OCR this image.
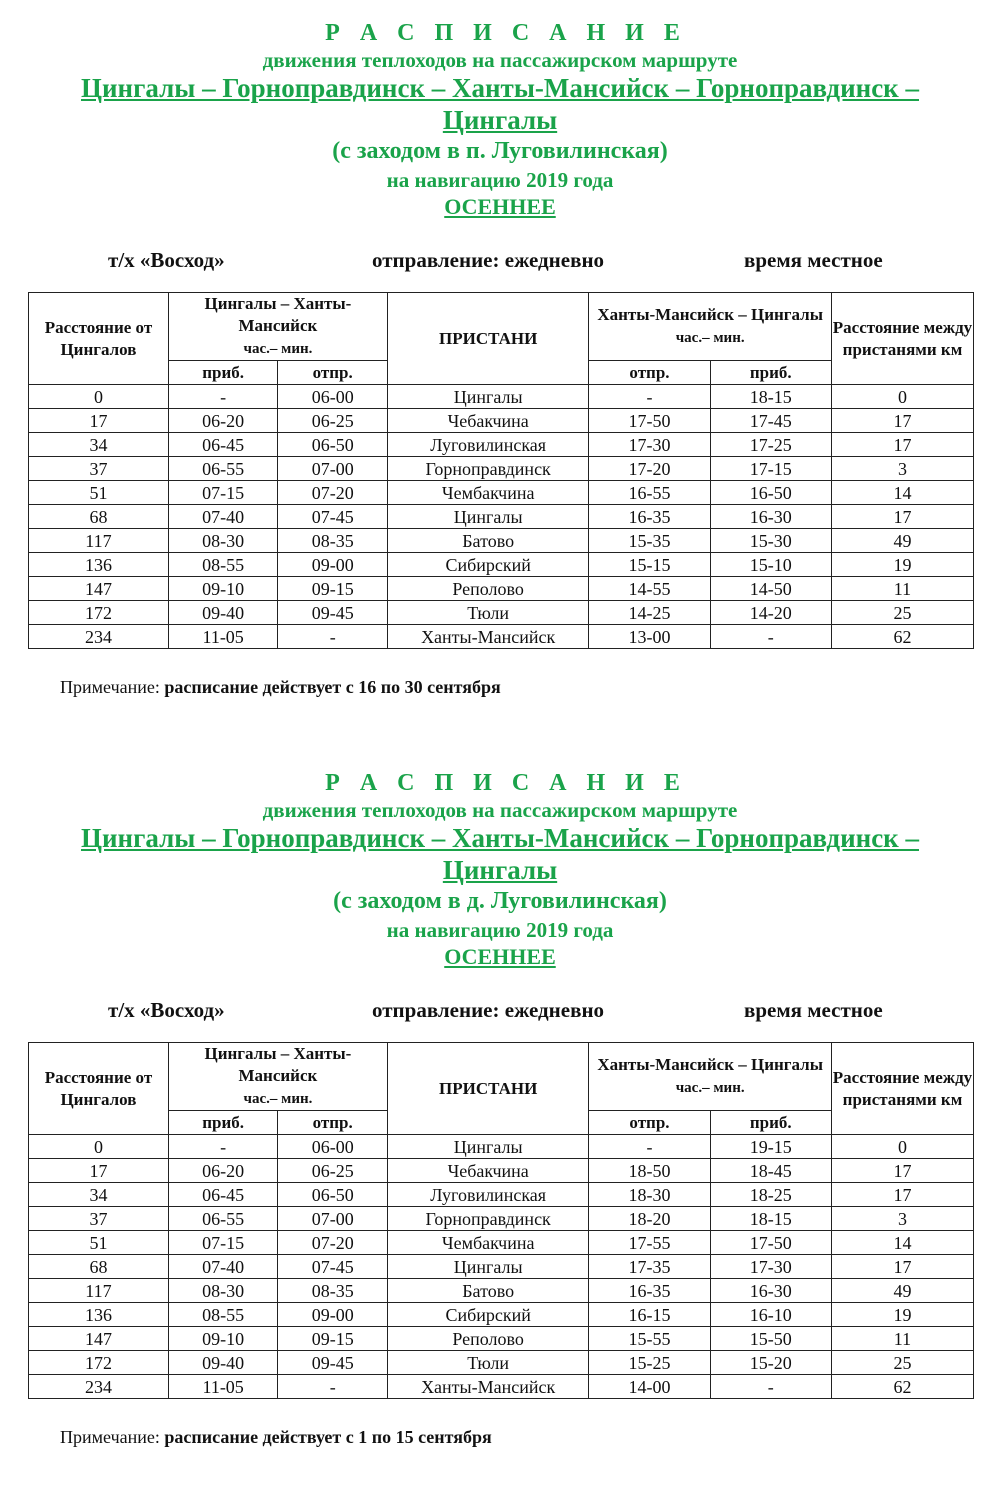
Р А С П И С А Н И Е
движения теплоходов на пассажирском маршруте
Цингалы – Горноправдинск – Ханты-Мансийск – Горноправдинск –
Цингалы
(с заходом в п. Луговилинская)
на навигацию 2019 года
ОСЕННЕЕ
т/х «Восход»	отправление: ежедневно	время местное
Расстояние от Цингалов	Цингалы – Ханты-Мансийск
час.– мин.		ПРИСТАНИ	Ханты-Мансийск – Цингалы
час.– мин.		Расстояние между пристанями км
	приб.	отпр.		отпр.	приб.	
0	-	06-00	Цингалы	-	18-15	0
17	06-20	06-25	Чебакчина	17-50	17-45	17
34	06-45	06-50	Луговилинская	17-30	17-25	17
37	06-55	07-00	Горноправдинск	17-20	17-15	3
51	07-15	07-20	Чембакчина	16-55	16-50	14
68	07-40	07-45	Цингалы	16-35	16-30	17
117	08-30	08-35	Батово	15-35	15-30	49
136	08-55	09-00	Сибирский	15-15	15-10	19
147	09-10	09-15	Реполово	14-55	14-50	11
172	09-40	09-45	Тюли	14-25	14-20	25
234	11-05	-	Ханты-Мансийск	13-00	-	62
Примечание: расписание действует с 16 по 30 сентября
Р А С П И С А Н И Е
движения теплоходов на пассажирском маршруте
Цингалы – Горноправдинск – Ханты-Мансийск – Горноправдинск –
Цингалы
(с заходом в д. Луговилинская)
на навигацию 2019 года
ОСЕННЕЕ
т/х «Восход»	отправление: ежедневно	время местное
Расстояние от Цингалов	Цингалы – Ханты-Мансийск
час.– мин.		ПРИСТАНИ	Ханты-Мансийск – Цингалы
час.– мин.		Расстояние между пристанями км
	приб.	отпр.		отпр.	приб.	
0	-	06-00	Цингалы	-	19-15	0
17	06-20	06-25	Чебакчина	18-50	18-45	17
34	06-45	06-50	Луговилинская	18-30	18-25	17
37	06-55	07-00	Горноправдинск	18-20	18-15	3
51	07-15	07-20	Чембакчина	17-55	17-50	14
68	07-40	07-45	Цингалы	17-35	17-30	17
117	08-30	08-35	Батово	16-35	16-30	49
136	08-55	09-00	Сибирский	16-15	16-10	19
147	09-10	09-15	Реполово	15-55	15-50	11
172	09-40	09-45	Тюли	15-25	15-20	25
234	11-05	-	Ханты-Мансийск	14-00	-	62
Примечание: расписание действует с 1 по 15 сентября
